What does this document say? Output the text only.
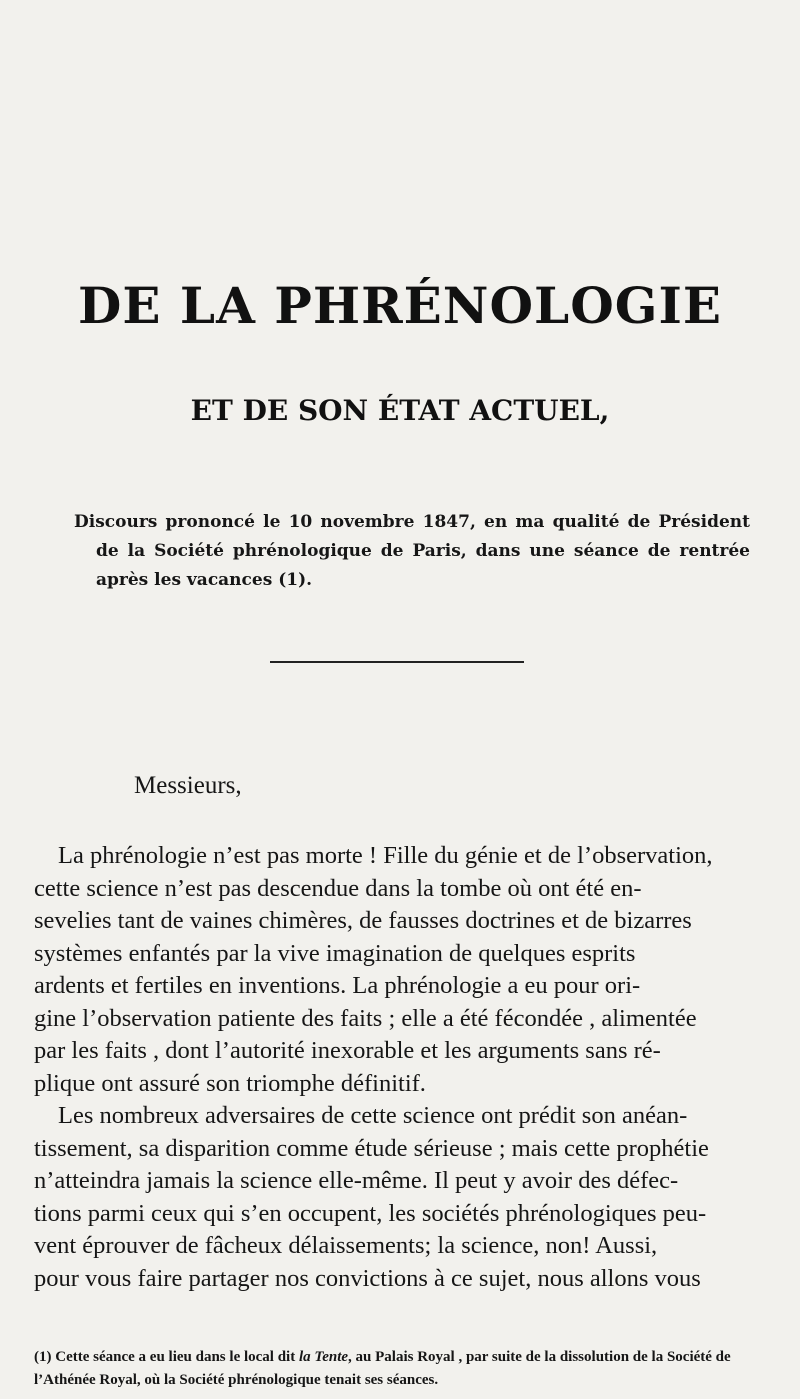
DE LA PHRÉNOLOGIE
ET DE SON ÉTAT ACTUEL,
Discours prononcé le 10 novembre 1847, en ma qualité de Président de la Société phrénologique de Paris, dans une séance de rentrée après les vacances (1).
Messieurs,
La phrénologie n’est pas morte ! Fille du génie et de l’observation,
cette science n’est pas descendue dans la tombe où ont été en-
sevelies tant de vaines chimères, de fausses doctrines et de bizarres
systèmes enfantés par la vive imagination de quelques esprits
ardents et fertiles en inventions. La phrénologie a eu pour ori-
gine l’observation patiente des faits ; elle a été fécondée , alimentée
par les faits , dont l’autorité inexorable et les arguments sans ré-
plique ont assuré son triomphe définitif.
Les nombreux adversaires de cette science ont prédit son anéan-
tissement, sa disparition comme étude sérieuse ; mais cette prophétie
n’atteindra jamais la science elle-même. Il peut y avoir des défec-
tions parmi ceux qui s’en occupent, les sociétés phrénologiques peu-
vent éprouver de fâcheux délaissements; la science, non! Aussi,
pour vous faire partager nos convictions à ce sujet, nous allons vous
(1) Cette séance a eu lieu dans le local dit la Tente, au Palais Royal , par suite de la dissolution de la Société de l’Athénée Royal, où la Société phrénologique tenait ses séances.
